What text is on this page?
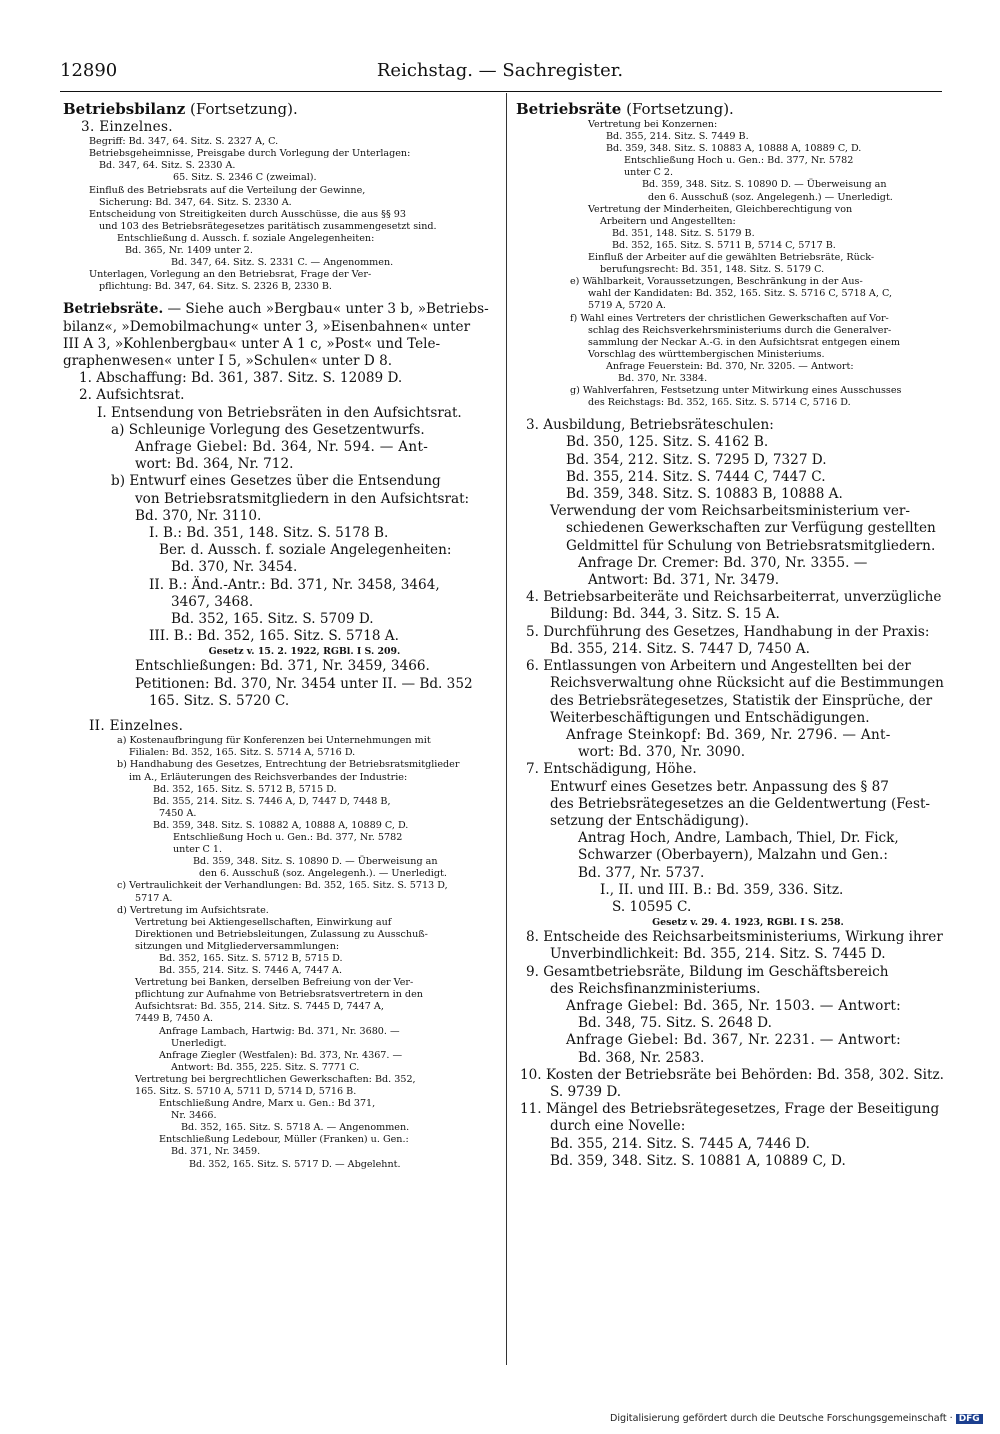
12890	Reichstag. — Sachregister.

Betriebsbilanz (Fortsetzung).

3. Einzelnes.

Begriff: Bd. 347, 64. Sitz. S. 2327 A, C.

Betriebsgeheimnisse, Preisgabe durch Vorlegung der Unterlagen:

Bd. 347, 64. Sitz. S. 2330 A.

65. Sitz. S. 2346 C (zweimal).

Einfluß des Betriebsrats auf die Verteilung der Gewinne,

Sicherung: Bd. 347, 64. Sitz. S. 2330 A.

Entscheidung von Streitigkeiten durch Ausschüsse, die aus §§ 93

und 103 des Betriebsrätegesetzes paritätisch zusammengesetzt sind.

Entschließung d. Aussch. f. soziale Angelegenheiten:

Bd. 365, Nr. 1409 unter 2.

Bd. 347, 64. Sitz. S. 2331 C. — Angenommen.

Unterlagen, Vorlegung an den Betriebsrat, Frage der Ver-

pflichtung: Bd. 347, 64. Sitz. S. 2326 B, 2330 B.

Betriebsräte. — Siehe auch »Bergbau« unter 3 b, »Betriebs-

bilanz«, »Demobilmachung« unter 3, »Eisenbahnen« unter

III A 3, »Kohlenbergbau« unter A 1 c, »Post« und Tele-

graphenwesen« unter I 5, »Schulen« unter D 8.

1. Abschaffung: Bd. 361, 387. Sitz. S. 12089 D.

2. Aufsichtsrat.

I. Entsendung von Betriebsräten in den Aufsichtsrat.

a) Schleunige Vorlegung des Gesetzentwurfs.

Anfrage Giebel: Bd. 364, Nr. 594. — Ant-

wort: Bd. 364, Nr. 712.

b) Entwurf eines Gesetzes über die Entsendung

von Betriebsratsmitgliedern in den Aufsichtsrat:

Bd. 370, Nr. 3110.

I. B.: Bd. 351, 148. Sitz. S. 5178 B.

Ber. d. Aussch. f. soziale Angelegenheiten:

Bd. 370, Nr. 3454.

II. B.: Änd.-Antr.: Bd. 371, Nr. 3458, 3464,

3467, 3468.

Bd. 352, 165. Sitz. S. 5709 D.

III. B.: Bd. 352, 165. Sitz. S. 5718 A.

Gesetz v. 15. 2. 1922, RGBl. I S. 209.

Entschließungen: Bd. 371, Nr. 3459, 3466.

Petitionen: Bd. 370, Nr. 3454 unter II. — Bd. 352

165. Sitz. S. 5720 C.

II. Einzelnes.

a) Kostenaufbringung für Konferenzen bei Unternehmungen mit

Filialen: Bd. 352, 165. Sitz. S. 5714 A, 5716 D.

b) Handhabung des Gesetzes, Entrechtung der Betriebsratsmitglieder

im A., Erläuterungen des Reichsverbandes der Industrie:

Bd. 352, 165. Sitz. S. 5712 B, 5715 D.

Bd. 355, 214. Sitz. S. 7446 A, D, 7447 D, 7448 B,

7450 A.

Bd. 359, 348. Sitz. S. 10882 A, 10888 A, 10889 C, D.

Entschließung Hoch u. Gen.: Bd. 377, Nr. 5782

unter C 1.

Bd. 359, 348. Sitz. S. 10890 D. — Überweisung an

den 6. Ausschuß (soz. Angelegenh.). — Unerledigt.

c) Vertraulichkeit der Verhandlungen: Bd. 352, 165. Sitz. S. 5713 D,

5717 A.

d) Vertretung im Aufsichtsrate.

Vertretung bei Aktiengesellschaften, Einwirkung auf

Direktionen und Betriebsleitungen, Zulassung zu Ausschuß-

sitzungen und Mitgliederversammlungen:

Bd. 352, 165. Sitz. S. 5712 B, 5715 D.

Bd. 355, 214. Sitz. S. 7446 A, 7447 A.

Vertretung bei Banken, derselben Befreiung von der Ver-

pflichtung zur Aufnahme von Betriebsratsvertretern in den

Aufsichtsrat: Bd. 355, 214. Sitz. S. 7445 D, 7447 A,

7449 B, 7450 A.

Anfrage Lambach, Hartwig: Bd. 371, Nr. 3680. —

Unerledigt.

Anfrage Ziegler (Westfalen): Bd. 373, Nr. 4367. —

Antwort: Bd. 355, 225. Sitz. S. 7771 C.

Vertretung bei bergrechtlichen Gewerkschaften: Bd. 352,

165. Sitz. S. 5710 A, 5711 D, 5714 D, 5716 B.

Entschließung Andre, Marx u. Gen.: Bd 371,

Nr. 3466.

Bd. 352, 165. Sitz. S. 5718 A. — Angenommen.

Entschließung Ledebour, Müller (Franken) u. Gen.:

Bd. 371, Nr. 3459.

Bd. 352, 165. Sitz. S. 5717 D. — Abgelehnt.

Betriebsräte (Fortsetzung).

Vertretung bei Konzernen:

Bd. 355, 214. Sitz. S. 7449 B.

Bd. 359, 348. Sitz. S. 10883 A, 10888 A, 10889 C, D.

Entschließung Hoch u. Gen.: Bd. 377, Nr. 5782

unter C 2.

Bd. 359, 348. Sitz. S. 10890 D. — Überweisung an

den 6. Ausschuß (soz. Angelegenh.) — Unerledigt.

Vertretung der Minderheiten, Gleichberechtigung von

Arbeitern und Angestellten:

Bd. 351, 148. Sitz. S. 5179 B.

Bd. 352, 165. Sitz. S. 5711 B, 5714 C, 5717 B.

Einfluß der Arbeiter auf die gewählten Betriebsräte, Rück-

berufungsrecht: Bd. 351, 148. Sitz. S. 5179 C.

e) Wählbarkeit, Voraussetzungen, Beschränkung in der Aus-

wahl der Kandidaten: Bd. 352, 165. Sitz. S. 5716 C, 5718 A, C,

5719 A, 5720 A.

f) Wahl eines Vertreters der christlichen Gewerkschaften auf Vor-

schlag des Reichsverkehrsministeriums durch die Generalver-

sammlung der Neckar A.-G. in den Aufsichtsrat entgegen einem

Vorschlag des württembergischen Ministeriums.

Anfrage Feuerstein: Bd. 370, Nr. 3205. — Antwort:

Bd. 370, Nr. 3384.

g) Wahlverfahren, Festsetzung unter Mitwirkung eines Ausschusses

des Reichstags: Bd. 352, 165. Sitz. S. 5714 C, 5716 D.

3. Ausbildung, Betriebsräteschulen:

Bd. 350, 125. Sitz. S. 4162 B.

Bd. 354, 212. Sitz. S. 7295 D, 7327 D.

Bd. 355, 214. Sitz. S. 7444 C, 7447 C.

Bd. 359, 348. Sitz. S. 10883 B, 10888 A.

Verwendung der vom Reichsarbeitsministerium ver-

schiedenen Gewerkschaften zur Verfügung gestellten

Geldmittel für Schulung von Betriebsratsmitgliedern.

Anfrage Dr. Cremer: Bd. 370, Nr. 3355. —

Antwort: Bd. 371, Nr. 3479.

4. Betriebsarbeiteräte und Reichsarbeiterrat, unverzügliche

Bildung: Bd. 344, 3. Sitz. S. 15 A.

5. Durchführung des Gesetzes, Handhabung in der Praxis:

Bd. 355, 214. Sitz. S. 7447 D, 7450 A.

6. Entlassungen von Arbeitern und Angestellten bei der

Reichsverwaltung ohne Rücksicht auf die Bestimmungen

des Betriebsrätegesetzes, Statistik der Einsprüche, der

Weiterbeschäftigungen und Entschädigungen.

Anfrage Steinkopf: Bd. 369, Nr. 2796. — Ant-

wort: Bd. 370, Nr. 3090.

7. Entschädigung, Höhe.

Entwurf eines Gesetzes betr. Anpassung des § 87

des Betriebsrätegesetzes an die Geldentwertung (Fest-

setzung der Entschädigung).

Antrag Hoch, Andre, Lambach, Thiel, Dr. Fick,

Schwarzer (Oberbayern), Malzahn und Gen.:

Bd. 377, Nr. 5737.

I., II. und III. B.: Bd. 359, 336. Sitz.

S. 10595 C.

Gesetz v. 29. 4. 1923, RGBl. I S. 258.

8. Entscheide des Reichsarbeitsministeriums, Wirkung ihrer

Unverbindlichkeit: Bd. 355, 214. Sitz. S. 7445 D.

9. Gesamtbetriebsräte, Bildung im Geschäftsbereich

des Reichsfinanzministeriums.

Anfrage Giebel: Bd. 365, Nr. 1503. — Antwort:

Bd. 348, 75. Sitz. S. 2648 D.

Anfrage Giebel: Bd. 367, Nr. 2231. — Antwort:

Bd. 368, Nr. 2583.

10. Kosten der Betriebsräte bei Behörden: Bd. 358, 302. Sitz.

S. 9739 D.

11. Mängel des Betriebsrätegesetzes, Frage der Beseitigung

durch eine Novelle:

Bd. 355, 214. Sitz. S. 7445 A, 7446 D.

Bd. 359, 348. Sitz. S. 10881 A, 10889 C, D.

Digitalisierung gefördert durch die Deutsche Forschungsgemeinschaft · DFG
